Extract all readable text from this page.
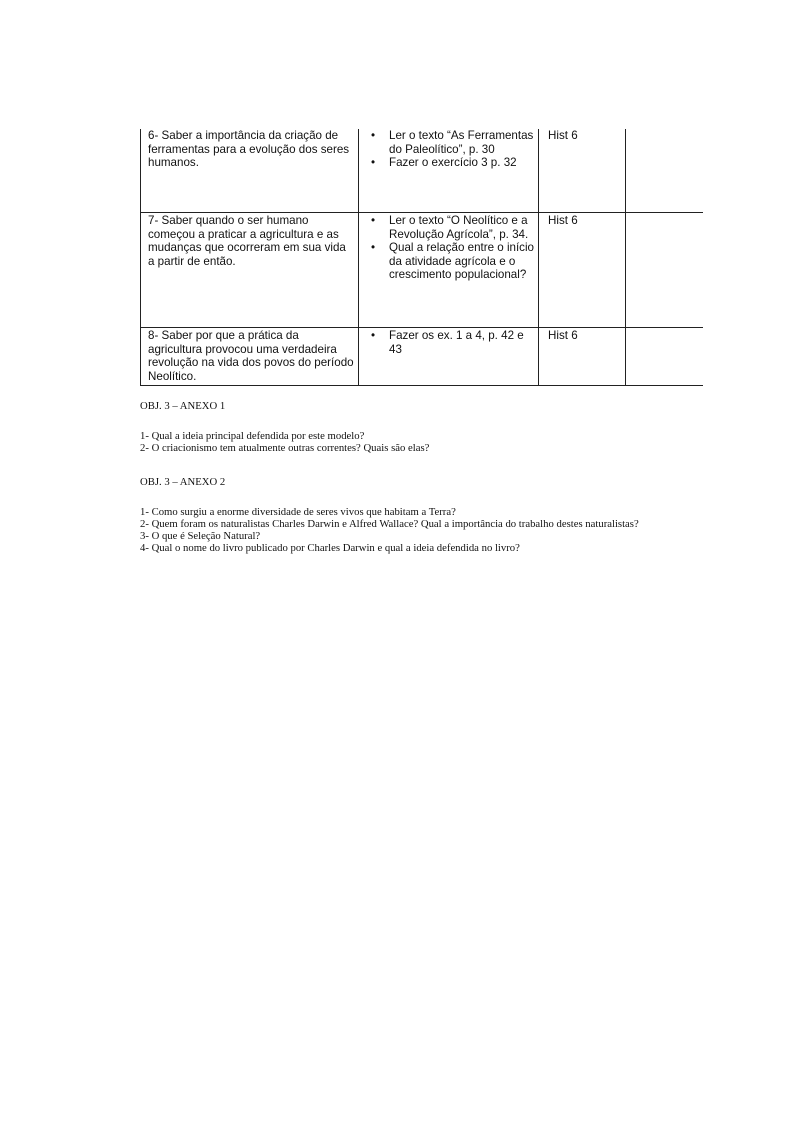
6- Saber a importância da criação de ferramentas para a evolução dos seres humanos.
• Ler o texto “As Ferramentas do Paleolítico”, p. 30
• Fazer o exercício 3 p. 32
Hist 6
7- Saber quando o ser humano começou a praticar a agricultura e as mudanças que ocorreram em sua vida a partir de então.
• Ler o texto “O Neolítico e a Revolução Agrícola”, p. 34.
• Qual a relação entre o início da atividade agrícola e o crescimento populacional?
Hist 6
8- Saber por que a prática da agricultura provocou uma verdadeira revolução na vida dos povos do período Neolítico.
• Fazer os ex. 1 a 4, p. 42 e 43
Hist 6

OBJ. 3 – ANEXO 1

1- Qual a ideia principal defendida por este modelo?

2- O criacionismo tem atualmente outras correntes? Quais são elas?

OBJ. 3 – ANEXO 2

1- Como surgiu a enorme diversidade de seres vivos que habitam a Terra?

2- Quem foram os naturalistas Charles Darwin e Alfred Wallace? Qual a importância do trabalho destes naturalistas?

3- O que é Seleção Natural?

4- Qual o nome do livro publicado por Charles Darwin e qual a ideia defendida no livro?
